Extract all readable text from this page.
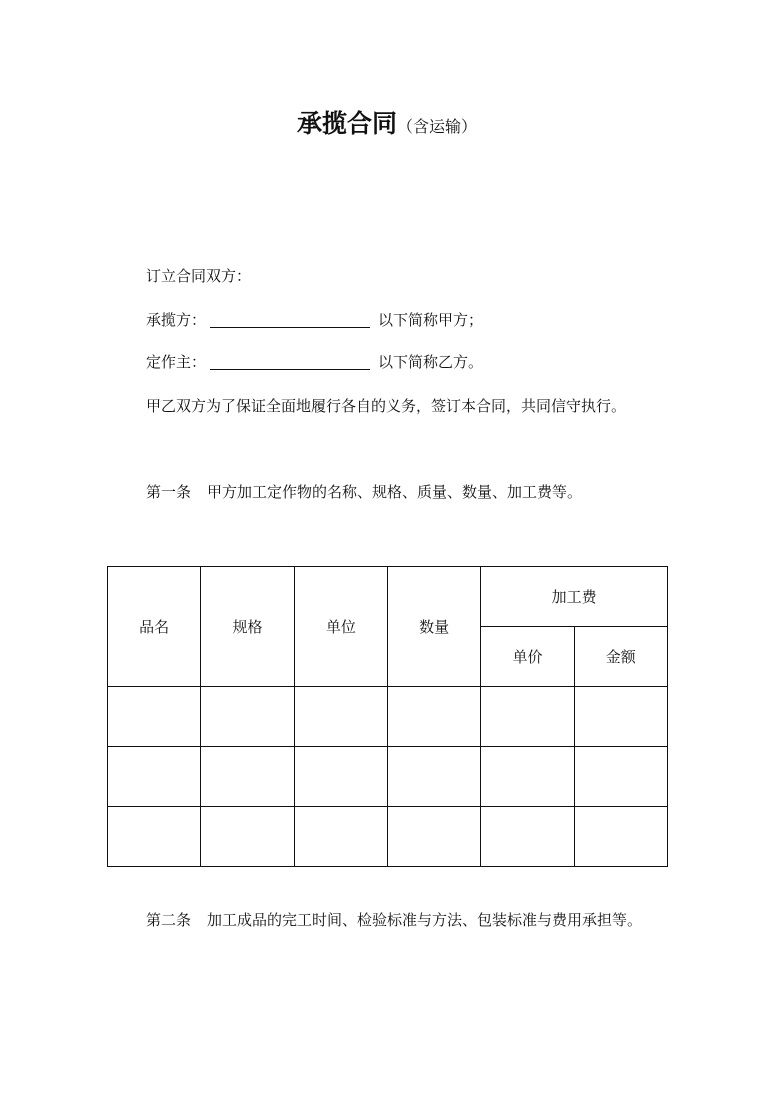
承揽合同（含运输）
订立合同双方：
承揽方：	以下简称甲方；
定作主：	以下简称乙方。
甲乙双方为了保证全面地履行各自的义务，签订本合同，共同信守执行。
第一条 甲方加工定作物的名称、规格、质量、数量、加工费等。
品名	规格	单位	数量	加工费	
				单价	金额

第二条 加工成品的完工时间、检验标准与方法、包装标准与费用承担等。
